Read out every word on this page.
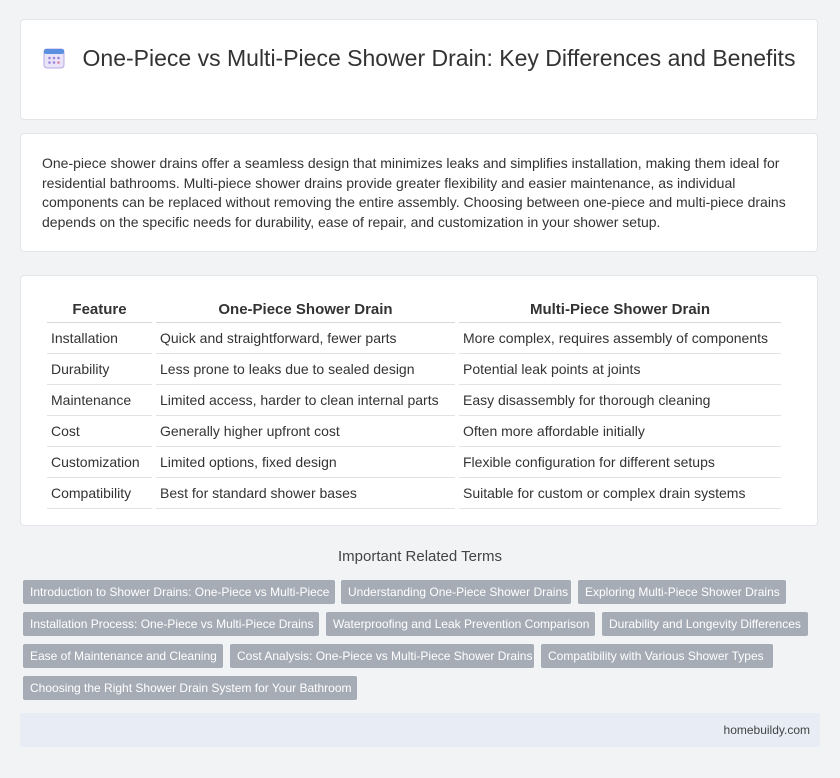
One-Piece vs Multi-Piece Shower Drain: Key Differences and Benefits
One-piece shower drains offer a seamless design that minimizes leaks and simplifies installation, making them ideal for residential bathrooms. Multi-piece shower drains provide greater flexibility and easier maintenance, as individual components can be replaced without removing the entire assembly. Choosing between one-piece and multi-piece drains depends on the specific needs for durability, ease of repair, and customization in your shower setup.
Feature	One-Piece Shower Drain	Multi-Piece Shower Drain
Installation	Quick and straightforward, fewer parts	More complex, requires assembly of components
Durability	Less prone to leaks due to sealed design	Potential leak points at joints
Maintenance	Limited access, harder to clean internal parts	Easy disassembly for thorough cleaning
Cost	Generally higher upfront cost	Often more affordable initially
Customization	Limited options, fixed design	Flexible configuration for different setups
Compatibility	Best for standard shower bases	Suitable for custom or complex drain systems
Important Related Terms
Introduction to Shower Drains: One-Piece vs Multi-Piece	Understanding One-Piece Shower Drains	Exploring Multi-Piece Shower Drains
Installation Process: One-Piece vs Multi-Piece Drains	Waterproofing and Leak Prevention Comparison	Durability and Longevity Differences
Ease of Maintenance and Cleaning	Cost Analysis: One-Piece vs Multi-Piece Shower Drains	Compatibility with Various Shower Types
Choosing the Right Shower Drain System for Your Bathroom
homebuildy.com
